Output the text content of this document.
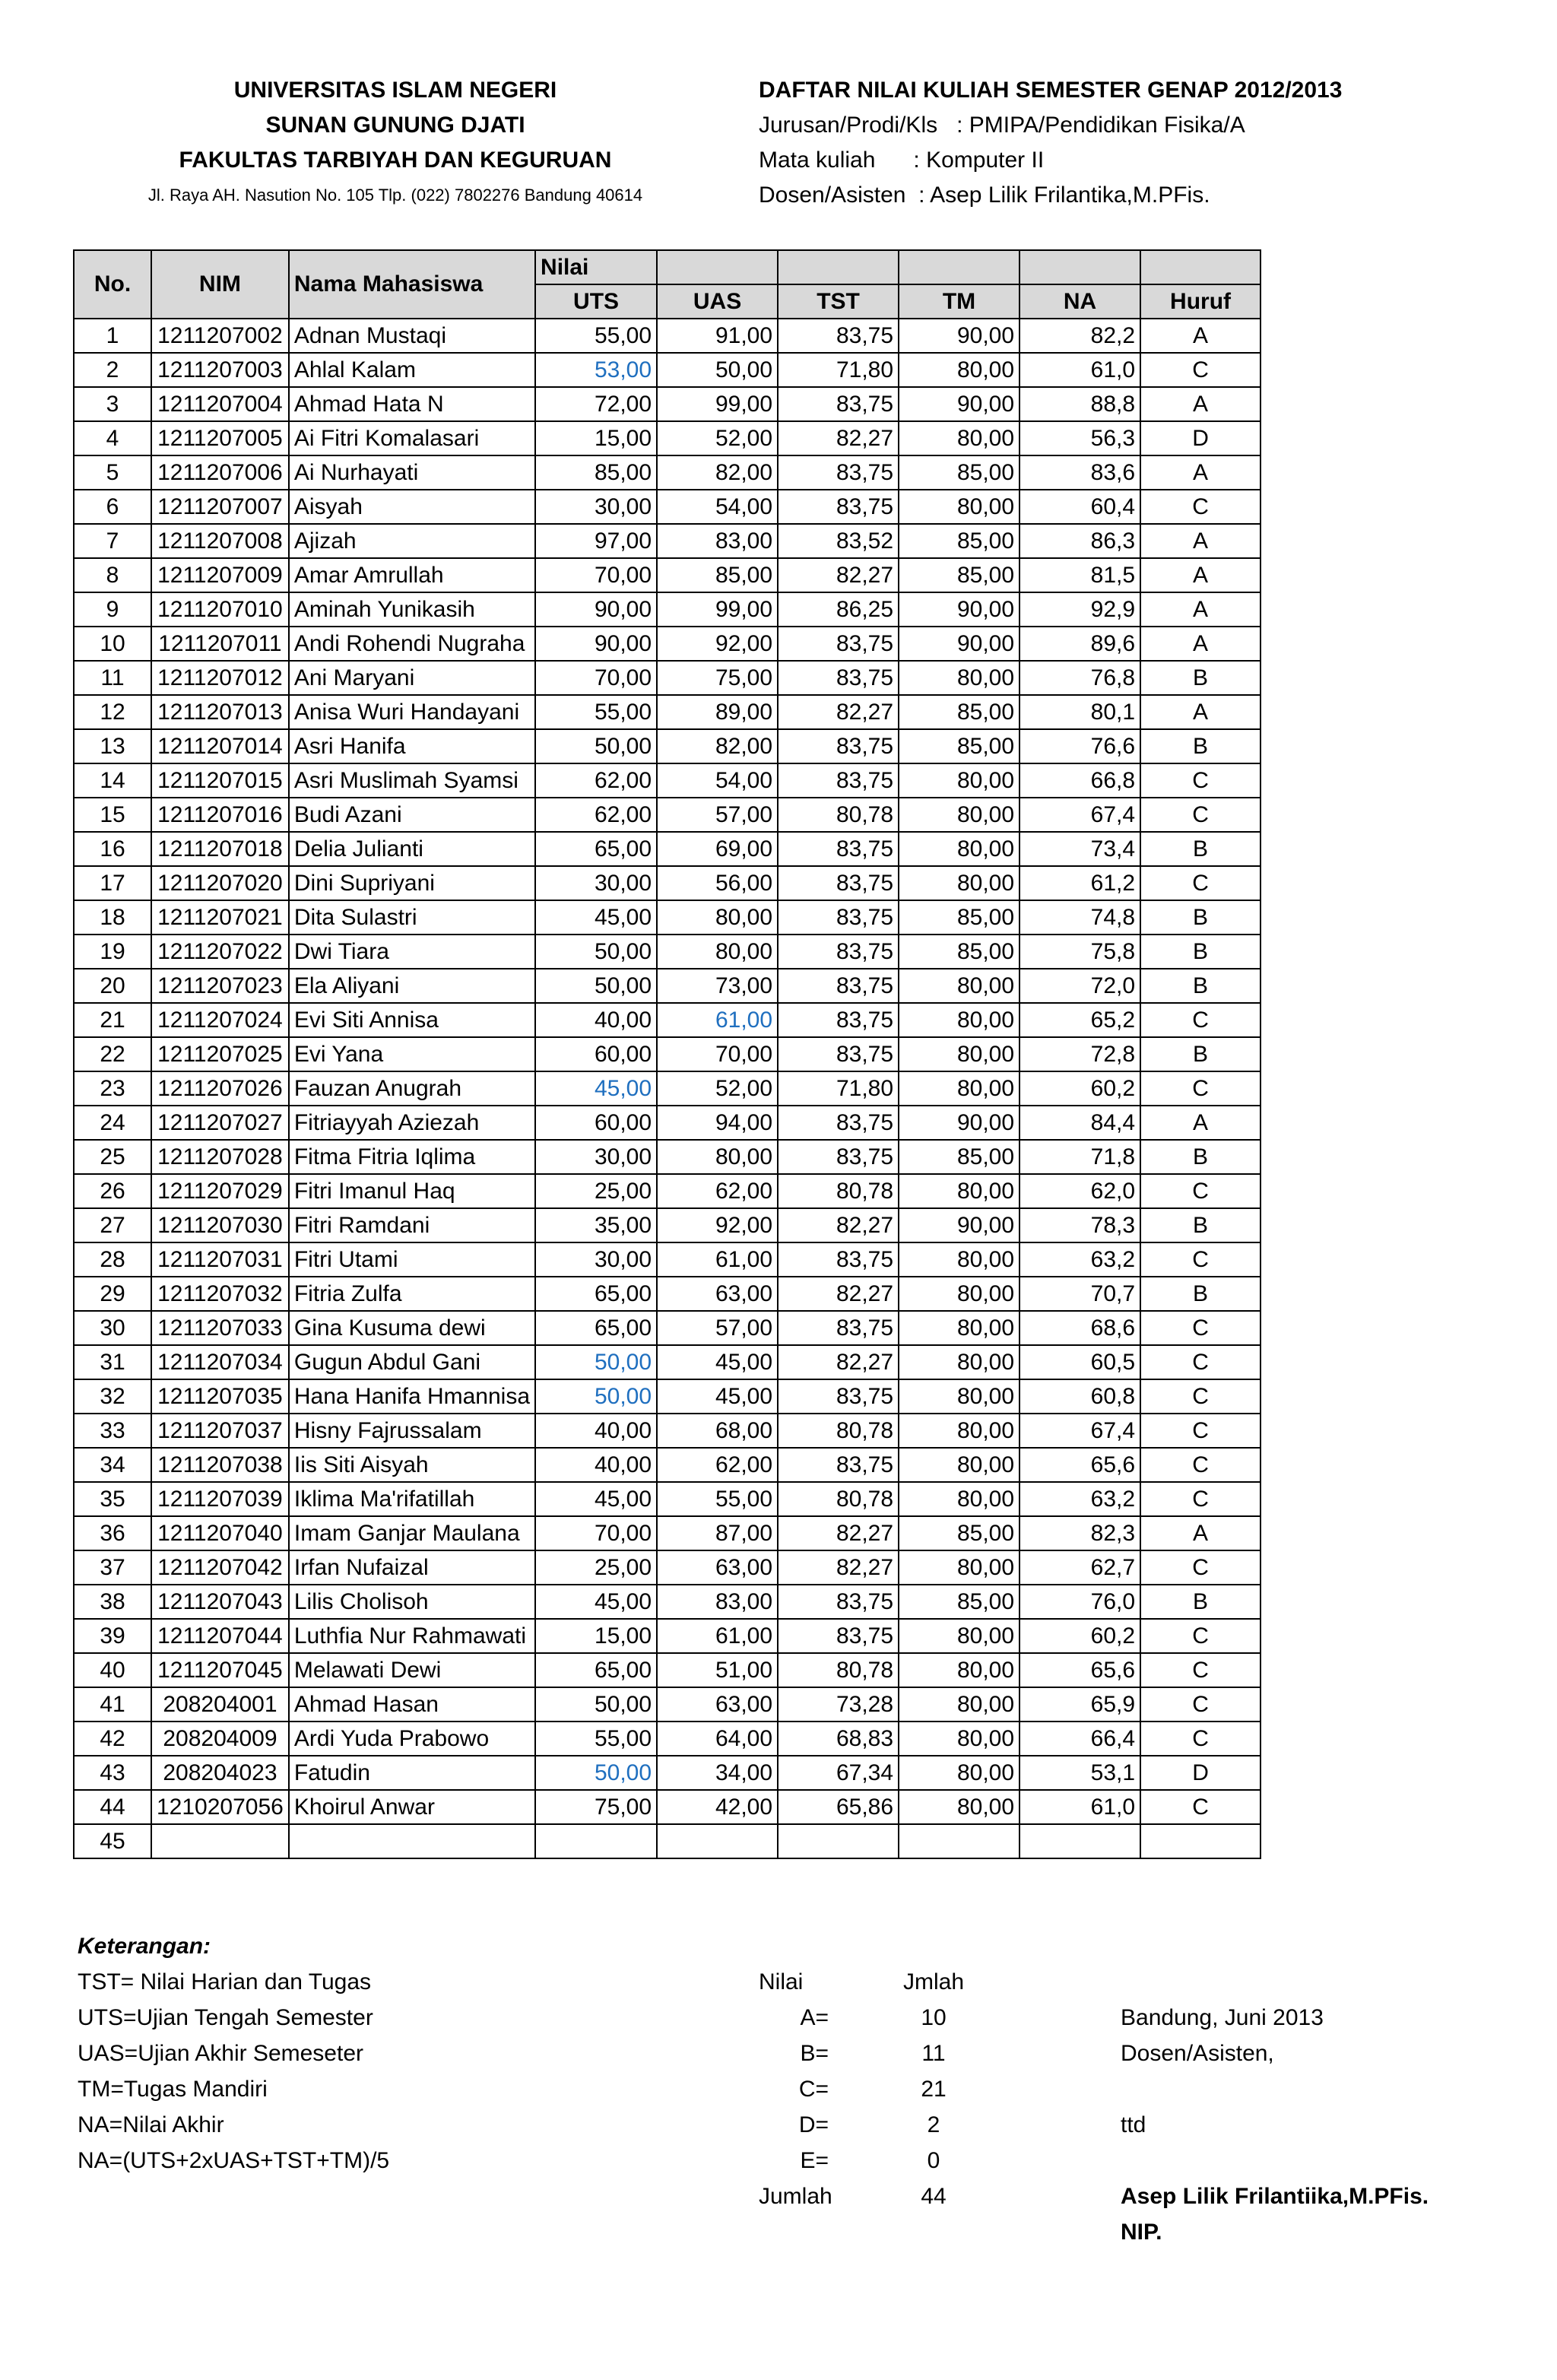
UNIVERSITAS ISLAM NEGERI
SUNAN GUNUNG DJATI
FAKULTAS TARBIYAH DAN KEGURUAN
Jl. Raya AH. Nasution No. 105 Tlp. (022) 7802276 Bandung 40614
DAFTAR NILAI KULIAH SEMESTER GENAP 2012/2013
Jurusan/Prodi/Kls   : PMIPA/Pendidikan Fisika/A
Mata kuliah      : Komputer II
Dosen/Asisten  : Asep Lilik Frilantika,M.PFis.
No.	NIM	Nama Mahasiswa	Nilai					
			UTS	UAS	TST	TM	NA	Huruf
1	1211207002	Adnan Mustaqi	55,00	91,00	83,75	90,00	82,2	A
2	1211207003	Ahlal Kalam	53,00	50,00	71,80	80,00	61,0	C
3	1211207004	Ahmad Hata N	72,00	99,00	83,75	90,00	88,8	A
4	1211207005	Ai Fitri Komalasari	15,00	52,00	82,27	80,00	56,3	D
5	1211207006	Ai Nurhayati	85,00	82,00	83,75	85,00	83,6	A
6	1211207007	Aisyah	30,00	54,00	83,75	80,00	60,4	C
7	1211207008	Ajizah	97,00	83,00	83,52	85,00	86,3	A
8	1211207009	Amar Amrullah	70,00	85,00	82,27	85,00	81,5	A
9	1211207010	Aminah Yunikasih	90,00	99,00	86,25	90,00	92,9	A
10	1211207011	Andi Rohendi Nugraha	90,00	92,00	83,75	90,00	89,6	A
11	1211207012	Ani Maryani	70,00	75,00	83,75	80,00	76,8	B
12	1211207013	Anisa Wuri Handayani	55,00	89,00	82,27	85,00	80,1	A
13	1211207014	Asri Hanifa	50,00	82,00	83,75	85,00	76,6	B
14	1211207015	Asri Muslimah Syamsi	62,00	54,00	83,75	80,00	66,8	C
15	1211207016	Budi Azani	62,00	57,00	80,78	80,00	67,4	C
16	1211207018	Delia Julianti	65,00	69,00	83,75	80,00	73,4	B
17	1211207020	Dini Supriyani	30,00	56,00	83,75	80,00	61,2	C
18	1211207021	Dita Sulastri	45,00	80,00	83,75	85,00	74,8	B
19	1211207022	Dwi Tiara	50,00	80,00	83,75	85,00	75,8	B
20	1211207023	Ela Aliyani	50,00	73,00	83,75	80,00	72,0	B
21	1211207024	Evi Siti Annisa	40,00	61,00	83,75	80,00	65,2	C
22	1211207025	Evi Yana	60,00	70,00	83,75	80,00	72,8	B
23	1211207026	Fauzan Anugrah	45,00	52,00	71,80	80,00	60,2	C
24	1211207027	Fitriayyah Aziezah	60,00	94,00	83,75	90,00	84,4	A
25	1211207028	Fitma Fitria Iqlima	30,00	80,00	83,75	85,00	71,8	B
26	1211207029	Fitri Imanul Haq	25,00	62,00	80,78	80,00	62,0	C
27	1211207030	Fitri Ramdani	35,00	92,00	82,27	90,00	78,3	B
28	1211207031	Fitri Utami	30,00	61,00	83,75	80,00	63,2	C
29	1211207032	Fitria Zulfa	65,00	63,00	82,27	80,00	70,7	B
30	1211207033	Gina Kusuma dewi	65,00	57,00	83,75	80,00	68,6	C
31	1211207034	Gugun Abdul Gani	50,00	45,00	82,27	80,00	60,5	C
32	1211207035	Hana Hanifa Hmannisa	50,00	45,00	83,75	80,00	60,8	C
33	1211207037	Hisny Fajrussalam	40,00	68,00	80,78	80,00	67,4	C
34	1211207038	Iis Siti Aisyah	40,00	62,00	83,75	80,00	65,6	C
35	1211207039	Iklima Ma'rifatillah	45,00	55,00	80,78	80,00	63,2	C
36	1211207040	Imam Ganjar Maulana	70,00	87,00	82,27	85,00	82,3	A
37	1211207042	Irfan Nufaizal	25,00	63,00	82,27	80,00	62,7	C
38	1211207043	Lilis Cholisoh	45,00	83,00	83,75	85,00	76,0	B
39	1211207044	Luthfia Nur Rahmawati	15,00	61,00	83,75	80,00	60,2	C
40	1211207045	Melawati Dewi	65,00	51,00	80,78	80,00	65,6	C
41	208204001	Ahmad Hasan	50,00	63,00	73,28	80,00	65,9	C
42	208204009	Ardi Yuda Prabowo	55,00	64,00	68,83	80,00	66,4	C
43	208204023	Fatudin	50,00	34,00	67,34	80,00	53,1	D
44	1210207056	Khoirul Anwar	75,00	42,00	65,86	80,00	61,0	C
45								
Keterangan:
TST= Nilai Harian dan Tugas
UTS=Ujian Tengah Semester
UAS=Ujian Akhir Semeseter
TM=Tugas Mandiri
NA=Nilai Akhir
NA=(UTS+2xUAS+TST+TM)/5
Nilai	Jmlah
A=	10
B=	11
C=	21
D=	2
E=	0
Jumlah	44
Bandung, Juni 2013
Dosen/Asisten,

ttd

Asep Lilik Frilantiika,M.PFis.
NIP.
